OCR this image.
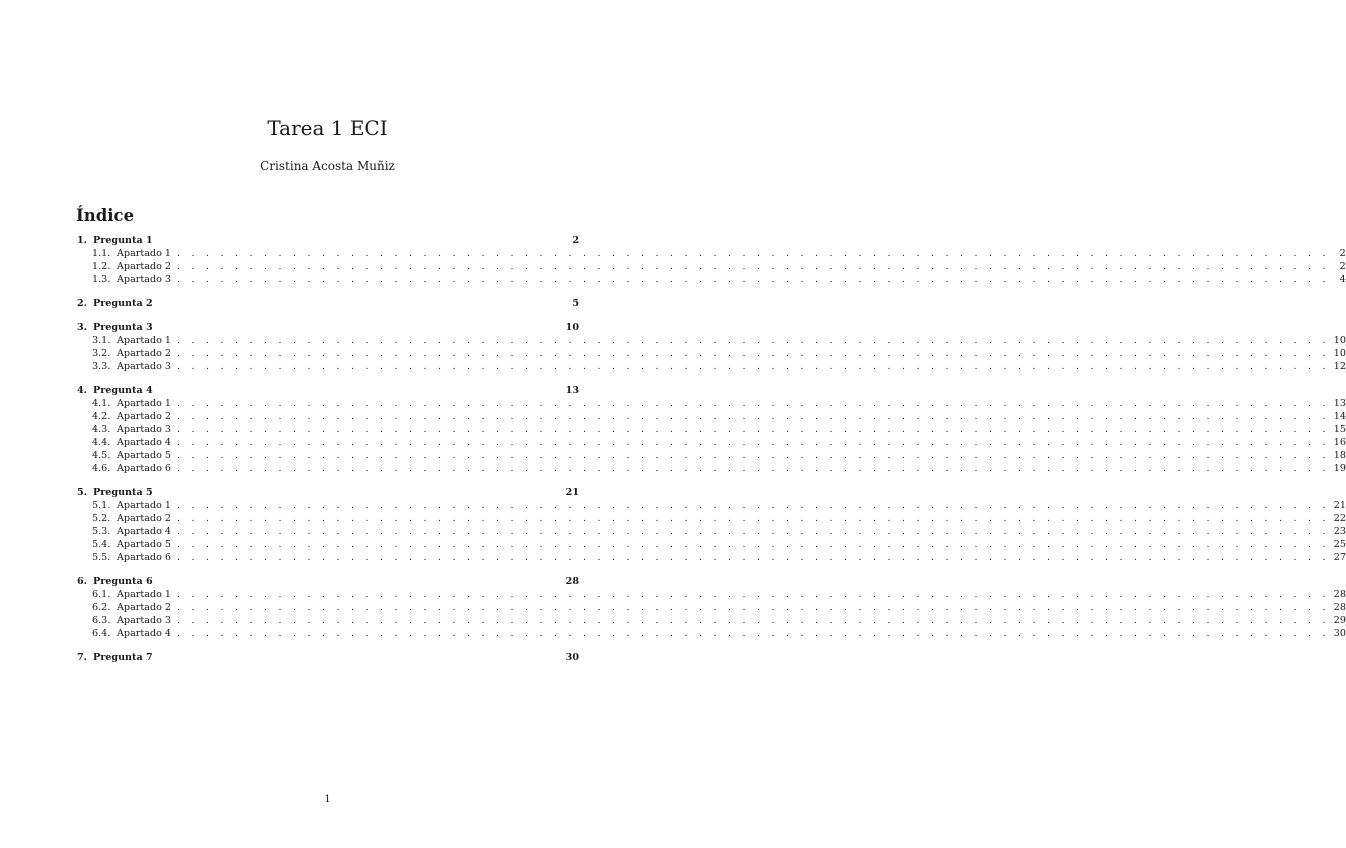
Tarea 1 ECI
Cristina Acosta Muñiz
Índice
1. Pregunta 1	2
1.1. Apartado 1 . . . . . . . . . . . . . . . . . . . . . . . . . . . . . . . . . . . . . . . . . . . . . . . . . . . . . . . . . . . . . . . . . . . . . . . . . . . . . . . .	2
1.2. Apartado 2 . . . . . . . . . . . . . . . . . . . . . . . . . . . . . . . . . . . . . . . . . . . . . . . . . . . . . . . . . . . . . . . . . . . . . . . . . . . . . . . .	2
1.3. Apartado 3 . . . . . . . . . . . . . . . . . . . . . . . . . . . . . . . . . . . . . . . . . . . . . . . . . . . . . . . . . . . . . . . . . . . . . . . . . . . . . . . .	4
2. Pregunta 2	5
3. Pregunta 3	10
3.1. Apartado 1 . . . . . . . . . . . . . . . . . . . . . . . . . . . . . . . . . . . . . . . . . . . . . . . . . . . . . . . . . . . . . . . . . . . . . . . . . . . . . . . . 10
3.2. Apartado 2 . . . . . . . . . . . . . . . . . . . . . . . . . . . . . . . . . . . . . . . . . . . . . . . . . . . . . . . . . . . . . . . . . . . . . . . . . . . . . . . . 10
3.3. Apartado 3 . . . . . . . . . . . . . . . . . . . . . . . . . . . . . . . . . . . . . . . . . . . . . . . . . . . . . . . . . . . . . . . . . . . . . . . . . . . . . . . . 12
4. Pregunta 4	13
4.1. Apartado 1 . . . . . . . . . . . . . . . . . . . . . . . . . . . . . . . . . . . . . . . . . . . . . . . . . . . . . . . . . . . . . . . . . . . . . . . . . . . . . . . . 13
4.2. Apartado 2 . . . . . . . . . . . . . . . . . . . . . . . . . . . . . . . . . . . . . . . . . . . . . . . . . . . . . . . . . . . . . . . . . . . . . . . . . . . . . . . . 14
4.3. Apartado 3 . . . . . . . . . . . . . . . . . . . . . . . . . . . . . . . . . . . . . . . . . . . . . . . . . . . . . . . . . . . . . . . . . . . . . . . . . . . . . . . . 15
4.4. Apartado 4 . . . . . . . . . . . . . . . . . . . . . . . . . . . . . . . . . . . . . . . . . . . . . . . . . . . . . . . . . . . . . . . . . . . . . . . . . . . . . . . . 16
4.5. Apartado 5 . . . . . . . . . . . . . . . . . . . . . . . . . . . . . . . . . . . . . . . . . . . . . . . . . . . . . . . . . . . . . . . . . . . . . . . . . . . . . . . . 18
4.6. Apartado 6 . . . . . . . . . . . . . . . . . . . . . . . . . . . . . . . . . . . . . . . . . . . . . . . . . . . . . . . . . . . . . . . . . . . . . . . . . . . . . . . . 19
5. Pregunta 5	21
5.1. Apartado 1 . . . . . . . . . . . . . . . . . . . . . . . . . . . . . . . . . . . . . . . . . . . . . . . . . . . . . . . . . . . . . . . . . . . . . . . . . . . . . . . . 21
5.2. Apartado 2 . . . . . . . . . . . . . . . . . . . . . . . . . . . . . . . . . . . . . . . . . . . . . . . . . . . . . . . . . . . . . . . . . . . . . . . . . . . . . . . . 22
5.3. Apartado 4 . . . . . . . . . . . . . . . . . . . . . . . . . . . . . . . . . . . . . . . . . . . . . . . . . . . . . . . . . . . . . . . . . . . . . . . . . . . . . . . . 23
5.4. Apartado 5 . . . . . . . . . . . . . . . . . . . . . . . . . . . . . . . . . . . . . . . . . . . . . . . . . . . . . . . . . . . . . . . . . . . . . . . . . . . . . . . . 25
5.5. Apartado 6 . . . . . . . . . . . . . . . . . . . . . . . . . . . . . . . . . . . . . . . . . . . . . . . . . . . . . . . . . . . . . . . . . . . . . . . . . . . . . . . . 27
6. Pregunta 6	28
6.1. Apartado 1 . . . . . . . . . . . . . . . . . . . . . . . . . . . . . . . . . . . . . . . . . . . . . . . . . . . . . . . . . . . . . . . . . . . . . . . . . . . . . . . . 28
6.2. Apartado 2 . . . . . . . . . . . . . . . . . . . . . . . . . . . . . . . . . . . . . . . . . . . . . . . . . . . . . . . . . . . . . . . . . . . . . . . . . . . . . . . . 28
6.3. Apartado 3 . . . . . . . . . . . . . . . . . . . . . . . . . . . . . . . . . . . . . . . . . . . . . . . . . . . . . . . . . . . . . . . . . . . . . . . . . . . . . . . . 29
6.4. Apartado 4 . . . . . . . . . . . . . . . . . . . . . . . . . . . . . . . . . . . . . . . . . . . . . . . . . . . . . . . . . . . . . . . . . . . . . . . . . . . . . . . . 30
7. Pregunta 7	30
1
